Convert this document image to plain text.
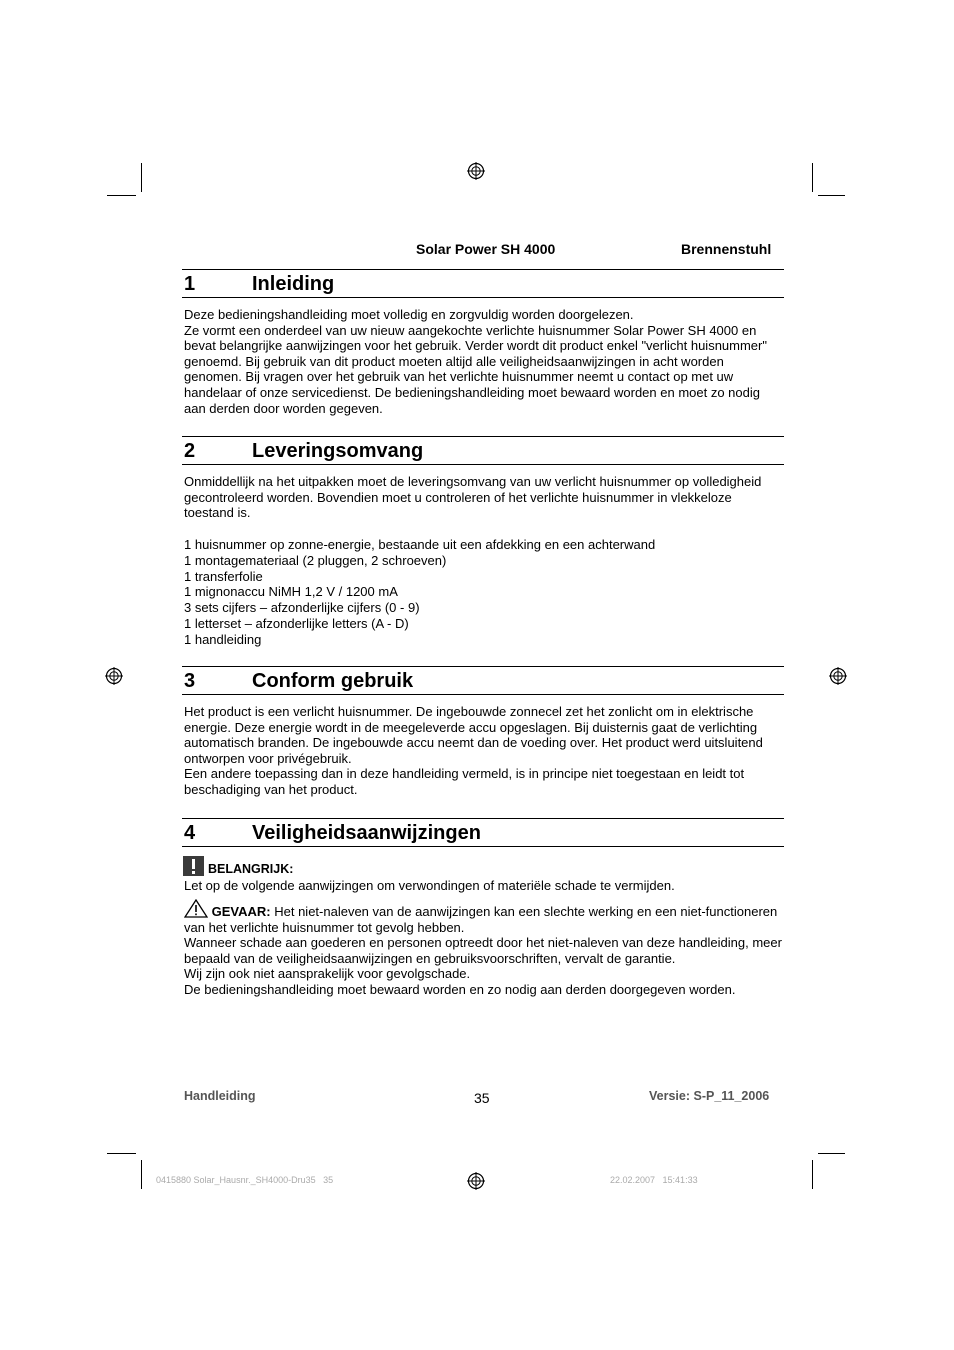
Solar Power SH 4000	Brennenstuhl
1	Inleiding

Deze bedieningshandleiding moet volledig en zorgvuldig worden doorgelezen.

Ze vormt een onderdeel van uw nieuw aangekochte verlichte huisnummer Solar Power SH 4000 en bevat belangrijke aanwijzingen voor het gebruik. Verder wordt dit product enkel "verlicht huisnummer" genoemd. Bij gebruik van dit product moeten altijd alle veiligheidsaanwijzingen in acht worden genomen. Bij vragen over het gebruik van het verlichte huisnummer neemt u contact op met uw handelaar of onze servicedienst. De bedieningshandleiding moet bewaard worden en moet zo nodig aan derden door worden gegeven.

2	Leveringsomvang

Onmiddellijk na het uitpakken moet de leveringsomvang van uw verlicht huisnummer op volledigheid gecontroleerd worden. Bovendien moet u controleren of het verlichte huisnummer in vlekkeloze toestand is.

1 huisnummer op zonne-energie, bestaande uit een afdekking en een achterwand
1 montagemateriaal (2 pluggen, 2 schroeven)
1 transferfolie
1 mignonaccu NiMH 1,2 V / 1200 mA
3 sets cijfers – afzonderlijke cijfers (0 - 9)
1 letterset – afzonderlijke letters (A - D)
1 handleiding
3	Conform gebruik

Het product is een verlicht huisnummer. De ingebouwde zonnecel zet het zonlicht om in elektrische energie. Deze energie wordt in de meegeleverde accu opgeslagen. Bij duisternis gaat de verlichting automatisch branden. De ingebouwde accu neemt dan de voeding over. Het product werd uitsluitend ontworpen voor privégebruik.

Een andere toepassing dan in deze handleiding vermeld, is in principe niet toegestaan en leidt tot beschadiging van het product.

4	Veiligheidsaanwijzingen
BELANGRIJK:
Let op de volgende aanwijzingen om verwondingen of materiële schade te vermijden.

GEVAAR: Het niet-naleven van de aanwijzingen kan een slechte werking en een niet-functioneren van het verlichte huisnummer tot gevolg hebben.

Wanneer schade aan goederen en personen optreedt door het niet-naleven van deze handleiding, meer bepaald van de veiligheidsaanwijzingen en gebruiksvoorschriften, vervalt de garantie.

Wij zijn ook niet aansprakelijk voor gevolgschade.

De bedieningshandleiding moet bewaard worden en zo nodig aan derden doorgegeven worden.

Handleiding	35	Versie: S-P_11_2006
0415880 Solar_Hausnr._SH4000-Dru35   35	22.02.2007   15:41:33
